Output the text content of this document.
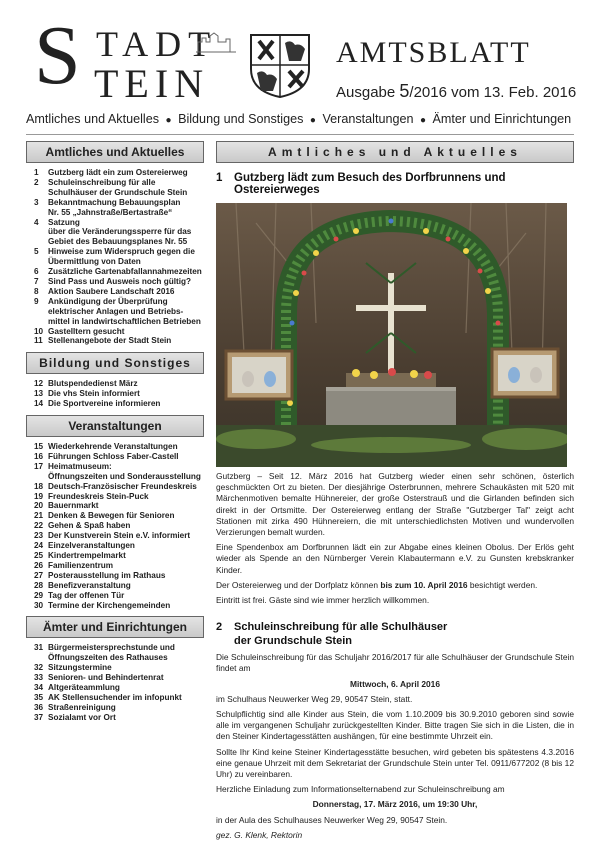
S TADT
TEIN
AMTSBLATT
Ausgabe 5/2016 vom 13. Feb. 2016
Amtliches und Aktuelles ● Bildung und Sonstiges ● Veranstaltungen ● Ämter und Einrichtungen
Amtliches und Aktuelles
1	Gutzberg lädt ein zum Ostereierweg
2	Schuleinschreibung für alle
Schulhäuser der Grundschule Stein
3	Bekanntmachung Bebauungsplan
Nr. 55 „Jahnstraße/Bertastraße“
4	Satzung
über die Veränderungssperre für das
Gebiet des Bebauungsplanes Nr. 55
5	Hinweise zum Widerspruch gegen die
Übermittlung von Daten
6	Zusätzliche Gartenabfallannahmezeiten
7	Sind Pass und Ausweis noch gültig?
8	Aktion Saubere Landschaft 2016
9	Ankündigung der Überprüfung
elektrischer Anlagen und Betriebs-
mittel in landwirtschaftlichen Betrieben
10 Gastelltern gesucht
11 Stellenangebote der Stadt Stein
Bildung und Sonstiges
12 Blutspendedienst März
13 Die vhs Stein informiert
14 Die Sportvereine informieren
Veranstaltungen
15 Wiederkehrende Veranstaltungen
16 Führungen Schloss Faber-Castell
17 Heimatmuseum:
Öffnungszeiten und Sonderausstellung
18 Deutsch-Französischer Freundeskreis
19 Freundeskreis Stein-Puck
20 Bauernmarkt
21 Denken & Bewegen für Senioren
22 Gehen & Spaß haben
23 Der Kunstverein Stein e.V. informiert
24 Einzelveranstaltungen
25 Kindertrempelmarkt
26 Familienzentrum
27 Posterausstellung im Rathaus
28 Benefizveranstaltung
29 Tag der offenen Tür
30 Termine der Kirchengemeinden
Ämter und Einrichtungen
31 Bürgermeistersprechstunde und
Öffnungszeiten des Rathauses
32 Sitzungstermine
33 Senioren- und Behindertenrat
34 Altgeräteammlung
35 AK Stellensuchender im infopunkt
36 Straßenreinigung
37 Sozialamt vor Ort
Amtliches und Aktuelles
1	Gutzberg lädt zum Besuch des Dorfbrunnens und Ostereierweges

Gutzberg – Seit 12. März 2016 hat Gutzberg wieder einen sehr schönen, österlich geschmückten Ort zu bieten. Der diesjährige Osterbrunnen, mehrere Schaukästen mit 520 mit Märchenmotiven bemalte Hühnereier, der große Osterstrauß und die Girlanden befinden sich direkt in der Ortsmitte. Der Ostereierweg entlang der Straße "Gutzberger Tal" zeigt acht Stationen mit zirka 490 Hühnereiern, die mit unterschiedlichsten Motiven und wundervollen Verzierungen bemalt wurden.

Eine Spendenbox am Dorfbrunnen lädt ein zur Abgabe eines kleinen Obolus. Der Erlös geht wieder als Spende an den Nürnberger Verein Klabautermann e.V. zu Gunsten krebskranker Kinder.

Der Ostereierweg und der Dorfplatz können bis zum 10. April 2016 besichtigt werden.

Eintritt ist frei. Gäste sind wie immer herzlich willkommen.

2	Schuleinschreibung für alle Schulhäuser
der Grundschule Stein

Die Schuleinschreibung für das Schuljahr 2016/2017 für alle Schulhäuser der Grundschule Stein findet am

Mittwoch, 6. April 2016

im Schulhaus Neuwerker Weg 29, 90547 Stein, statt.

Schulpflichtig sind alle Kinder aus Stein, die vom 1.10.2009 bis 30.9.2010 geboren sind sowie alle im vergangenen Schuljahr zurückgestellten Kinder. Bitte tragen Sie sich in die Listen, die in den Steiner Kindertagesstätten aushängen, für eine bestimmte Uhrzeit ein.

Sollte Ihr Kind keine Steiner Kindertagesstätte besuchen, wird gebeten bis spätestens 4.3.2016 eine genaue Uhrzeit mit dem Sekretariat der Grundschule Stein unter Tel. 0911/677202 (8 bis 12 Uhr) zu vereinbaren.

Herzliche Einladung zum Informationselternabend zur Schuleinschreibung am

Donnerstag, 17. März 2016, um 19:30 Uhr,

in der Aula des Schulhauses Neuwerker Weg 29, 90547 Stein.

gez. G. Klenk, Rektorin
